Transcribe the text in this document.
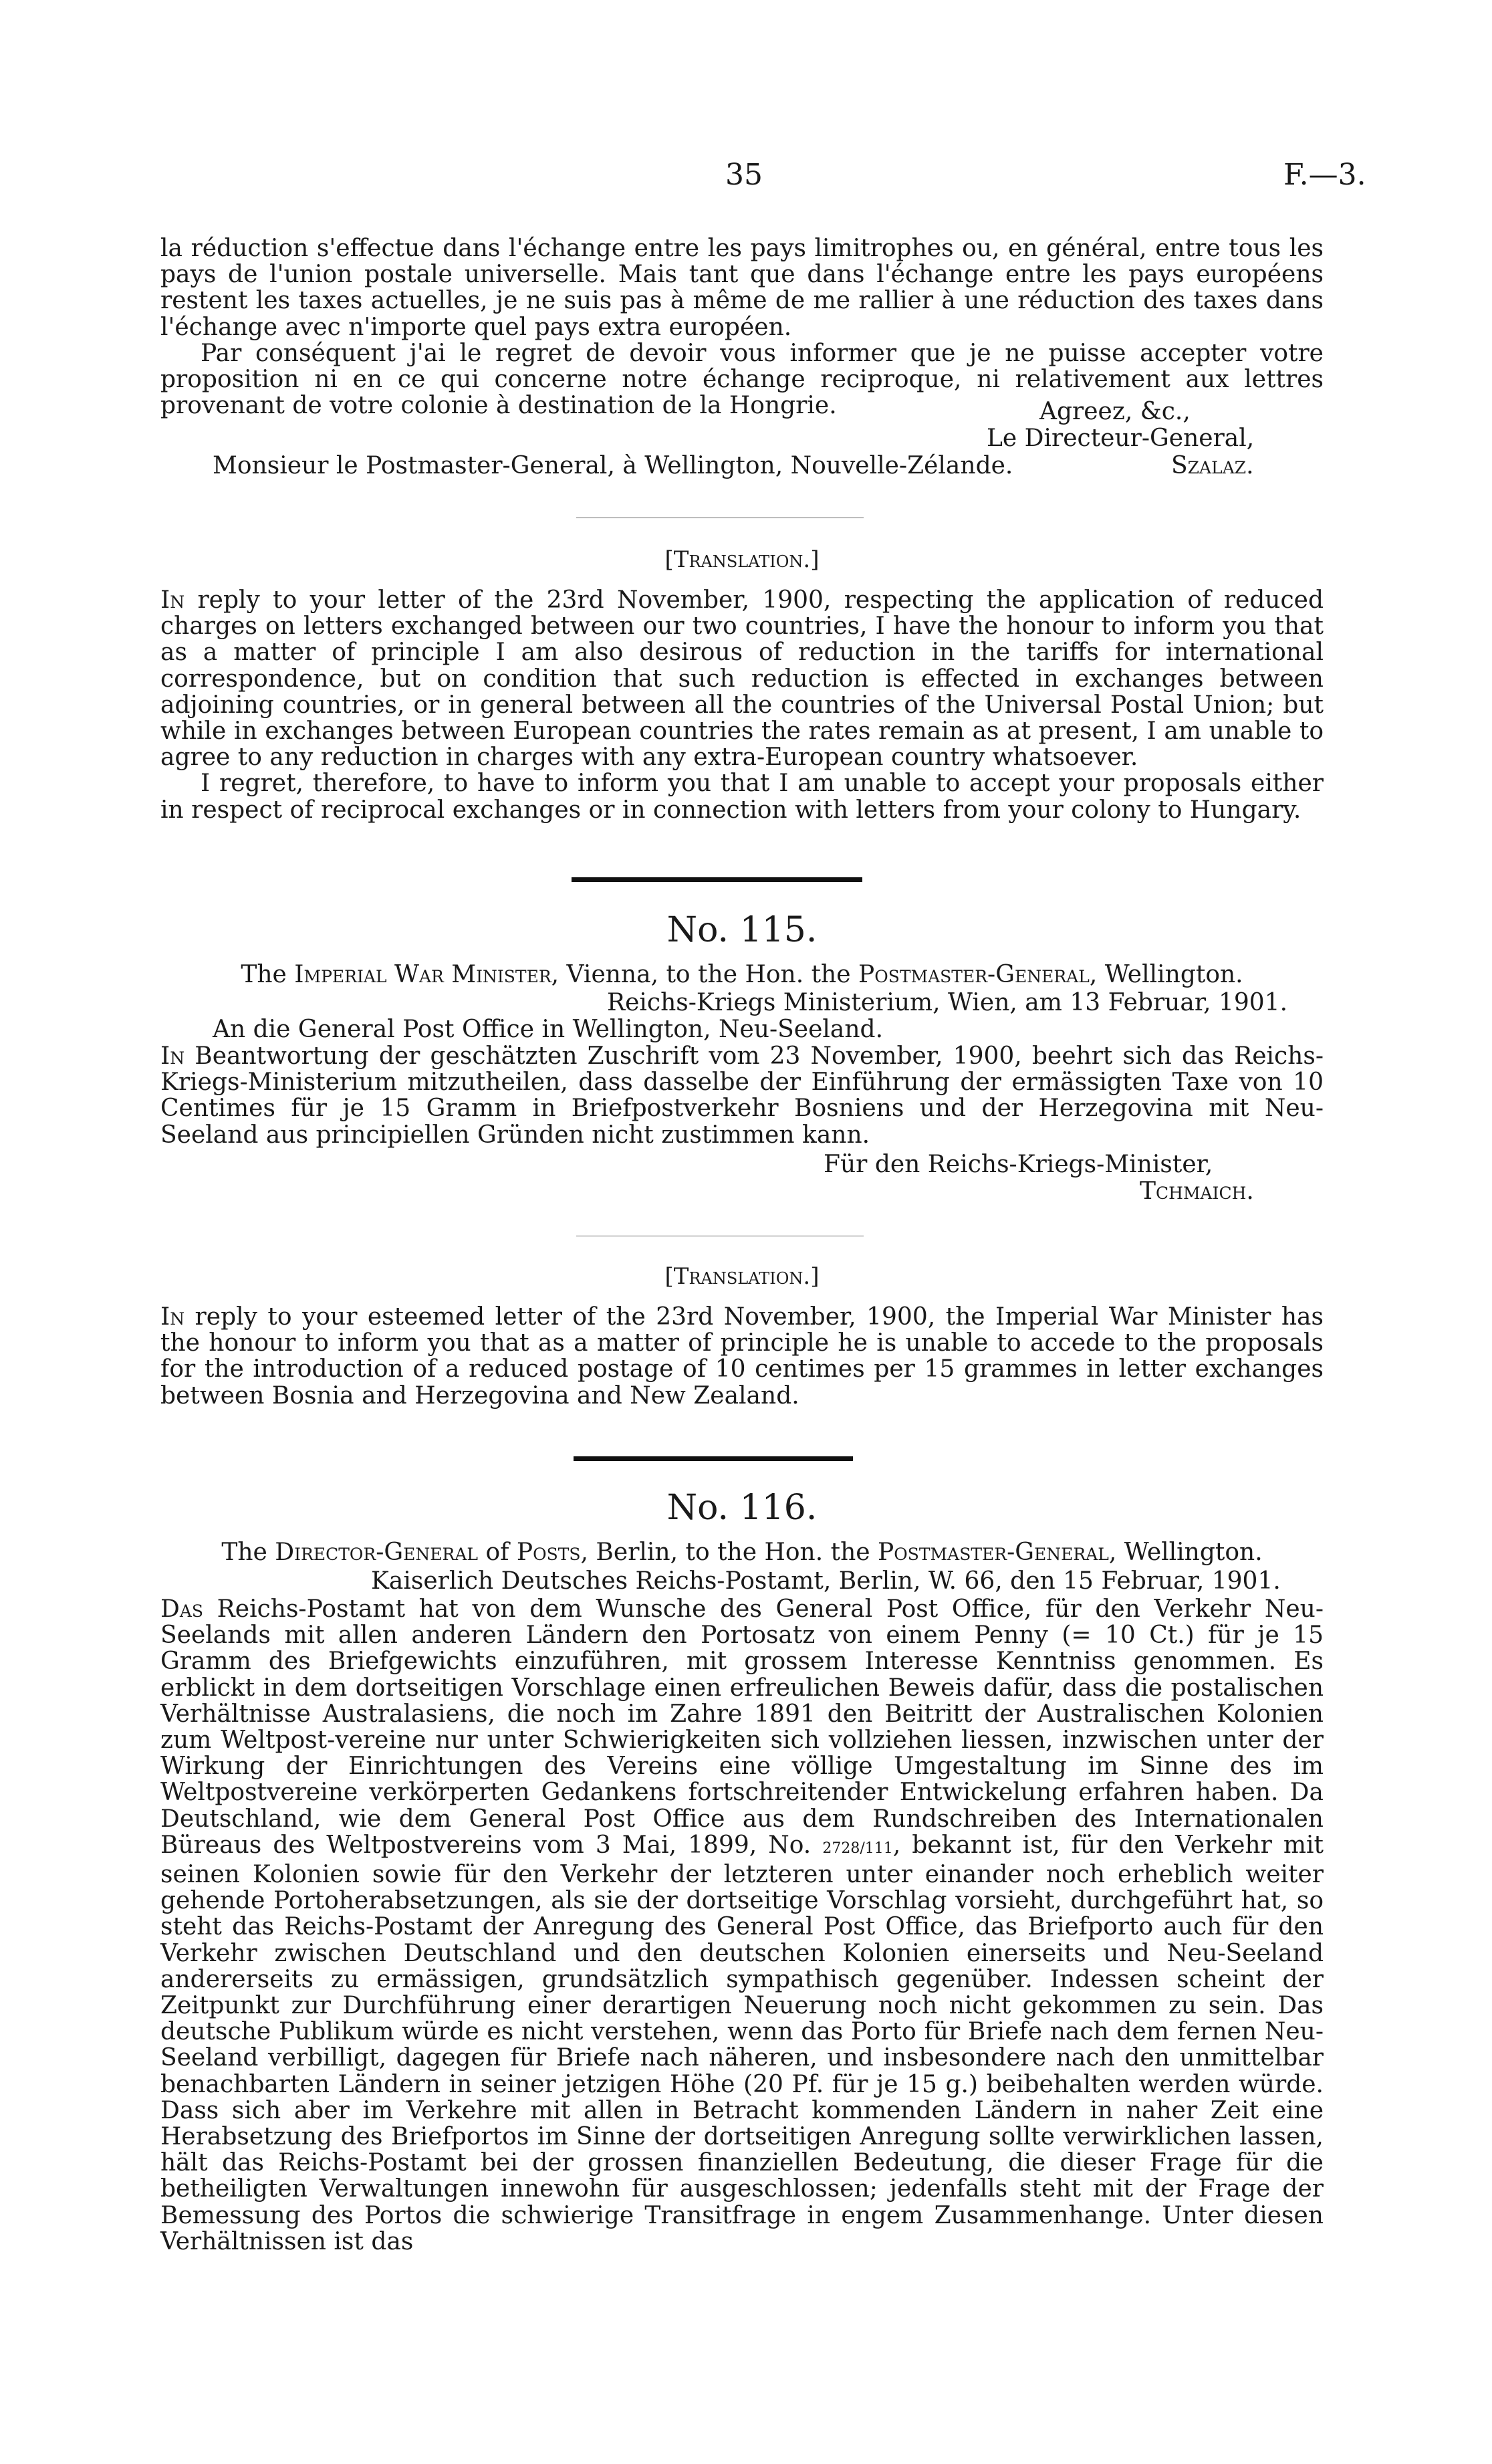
35	F.—3.

la réduction s'effectue dans l'échange entre les pays limitrophes ou, en général, entre tous les pays de l'union postale universelle. Mais tant que dans l'échange entre les pays européens restent les taxes actuelles, je ne suis pas à même de me rallier à une réduction des taxes dans l'échange avec n'importe quel pays extra européen.

Par conséquent j'ai le regret de devoir vous informer que je ne puisse accepter votre proposition ni en ce qui concerne notre échange reciproque, ni relativement aux lettres provenant de votre colonie à destination de la Hongrie.	Agreez, &c.,
Le Directeur-General,
Monsieur le Postmaster-General, à Wellington, Nouvelle-Zélande.	Szalaz.
[Translation.]

In reply to your letter of the 23rd November, 1900, respecting the application of reduced charges on letters exchanged between our two countries, I have the honour to inform you that as a matter of principle I am also desirous of reduction in the tariffs for international correspondence, but on condition that such reduction is effected in exchanges between adjoining countries, or in general between all the countries of the Universal Postal Union; but while in exchanges between European countries the rates remain as at present, I am unable to agree to any reduction in charges with any extra-European country whatsoever.

I regret, therefore, to have to inform you that I am unable to accept your proposals either in respect of reciprocal exchanges or in connection with letters from your colony to Hungary.

No. 115.
The Imperial War Minister, Vienna, to the Hon. the Postmaster-General, Wellington.
Reichs-Kriegs Ministerium, Wien, am 13 Februar, 1901.
An die General Post Office in Wellington, Neu-Seeland.

In Beantwortung der geschätzten Zuschrift vom 23 November, 1900, beehrt sich das Reichs-Kriegs-Ministerium mitzutheilen, dass dasselbe der Einführung der ermässigten Taxe von 10 Centimes für je 15 Gramm in Briefpostverkehr Bosniens und der Herzegovina mit Neu-Seeland aus principiellen Gründen nicht zustimmen kann.

Für den Reichs-Kriegs-Minister,
Tchmaich.
[Translation.]

In reply to your esteemed letter of the 23rd November, 1900, the Imperial War Minister has the honour to inform you that as a matter of principle he is unable to accede to the proposals for the introduction of a reduced postage of 10 centimes per 15 grammes in letter exchanges between Bosnia and Herzegovina and New Zealand.

No. 116.
The Director-General of Posts, Berlin, to the Hon. the Postmaster-General, Wellington.
Kaiserlich Deutsches Reichs-Postamt, Berlin, W. 66, den 15 Februar, 1901.

Das Reichs-Postamt hat von dem Wunsche des General Post Office, für den Verkehr Neu-Seelands mit allen anderen Ländern den Portosatz von einem Penny (= 10 Ct.) für je 15 Gramm des Briefgewichts einzuführen, mit grossem Interesse Kenntniss genommen. Es erblickt in dem dortseitigen Vorschlage einen erfreulichen Beweis dafür, dass die postalischen Verhältnisse Australasiens, die noch im Zahre 1891 den Beitritt der Australischen Kolonien zum Weltpost-vereine nur unter Schwierigkeiten sich vollziehen liessen, inzwischen unter der Wirkung der Einrichtungen des Vereins eine völlige Umgestaltung im Sinne des im Weltpostvereine verkörperten Gedankens fortschreitender Entwickelung erfahren haben. Da Deutschland, wie dem General Post Office aus dem Rundschreiben des Internationalen Büreaus des Weltpostvereins vom 3 Mai, 1899, No. 2728/111, bekannt ist, für den Verkehr mit seinen Kolonien sowie für den Verkehr der letzteren unter einander noch erheblich weiter gehende Portoherabsetzungen, als sie der dortseitige Vorschlag vorsieht, durchgeführt hat, so steht das Reichs-Postamt der Anregung des General Post Office, das Briefporto auch für den Verkehr zwischen Deutschland und den deutschen Kolonien einerseits und Neu-Seeland andererseits zu ermässigen, grundsätzlich sympathisch gegenüber. Indessen scheint der Zeitpunkt zur Durchführung einer derartigen Neuerung noch nicht gekommen zu sein. Das deutsche Publikum würde es nicht verstehen, wenn das Porto für Briefe nach dem fernen Neu-Seeland verbilligt, dagegen für Briefe nach näheren, und insbesondere nach den unmittelbar benachbarten Ländern in seiner jetzigen Höhe (20 Pf. für je 15 g.) beibehalten werden würde. Dass sich aber im Verkehre mit allen in Betracht kommenden Ländern in naher Zeit eine Herabsetzung des Briefportos im Sinne der dortseitigen Anregung sollte verwirklichen lassen, hält das Reichs-Postamt bei der grossen finanziellen Bedeutung, die dieser Frage für die betheiligten Verwaltungen innewohn für ausgeschlossen; jedenfalls steht mit der Frage der Bemessung des Portos die schwierige Transitfrage in engem Zusammenhange. Unter diesen Verhältnissen ist das
